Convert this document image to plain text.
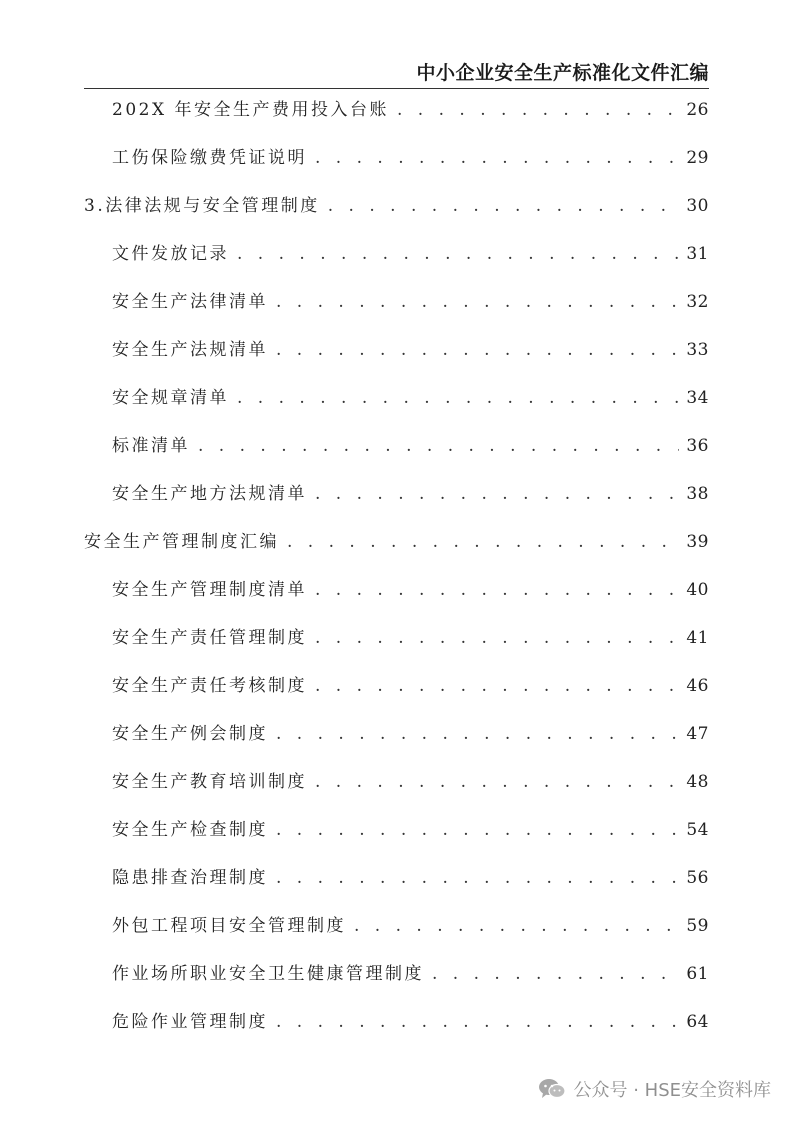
中小企业安全生产标准化文件汇编
202X 年安全生产费用投入台账 . . .	26
工伤保险缴费凭证说明 . . .	29
3.法律法规与安全管理制度 . . .	30
文件发放记录 . . .	31
安全生产法律清单 . . .	32
安全生产法规清单 . . .	33
安全规章清单 . . .	34
标准清单 . . .	36
安全生产地方法规清单 . . .	38
安全生产管理制度汇编 . . .	39
安全生产管理制度清单 . . .	40
安全生产责任管理制度 . . .	41
安全生产责任考核制度 . . .	46
安全生产例会制度 . . .	47
安全生产教育培训制度 . . .	48
安全生产检查制度 . . .	54
隐患排查治理制度 . . .	56
外包工程项目安全管理制度 . . .	59
作业场所职业安全卫生健康管理制度 . . .	61
危险作业管理制度 . . .	64
公众号 · HSE安全资料库
